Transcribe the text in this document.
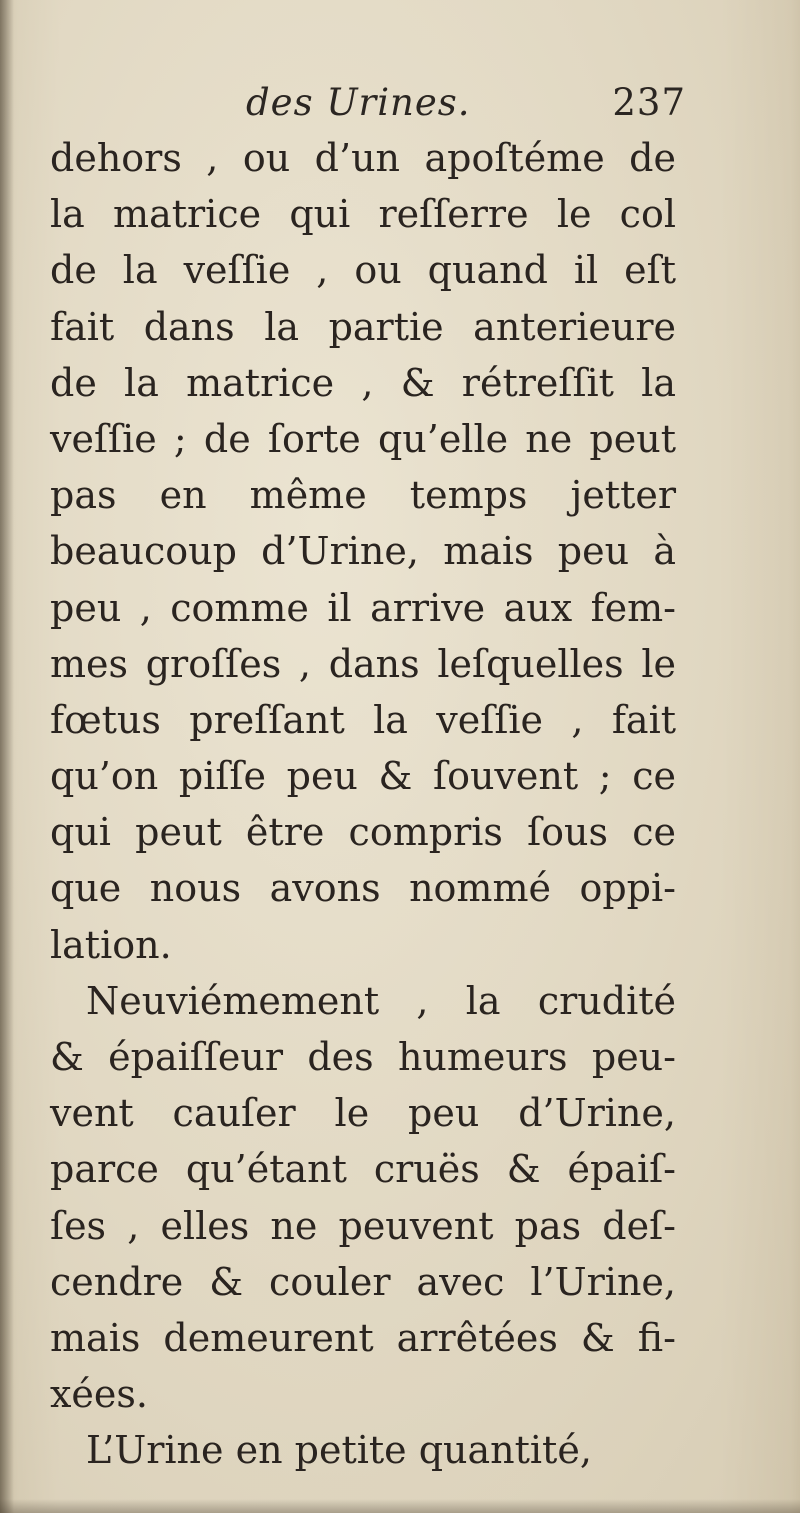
des Urines.	237
dehors , ou d’un apoſtéme de
la matrice qui reſſerre le col
de la veſſie , ou quand il eſt
fait dans la partie anterieure
de la matrice , & rétreſſit la
veſſie ; de ſorte qu’elle ne peut
pas en même temps jetter
beaucoup d’Urine, mais peu à
peu , comme il arrive aux fem-
mes groſſes , dans leſquelles le
fœtus preſſant la veſſie , fait
qu’on piſſe peu & ſouvent ; ce
qui peut être compris ſous ce
que nous avons nommé oppi-
lation.
Neuviémement , la crudité
& épaiſſeur des humeurs peu-
vent cauſer le peu d’Urine,
parce qu’étant cruës & épaiſ-
ſes , elles ne peuvent pas deſ-
cendre & couler avec l’Urine,
mais demeurent arrêtées & fi-
xées.
L’Urine en petite quantité,
